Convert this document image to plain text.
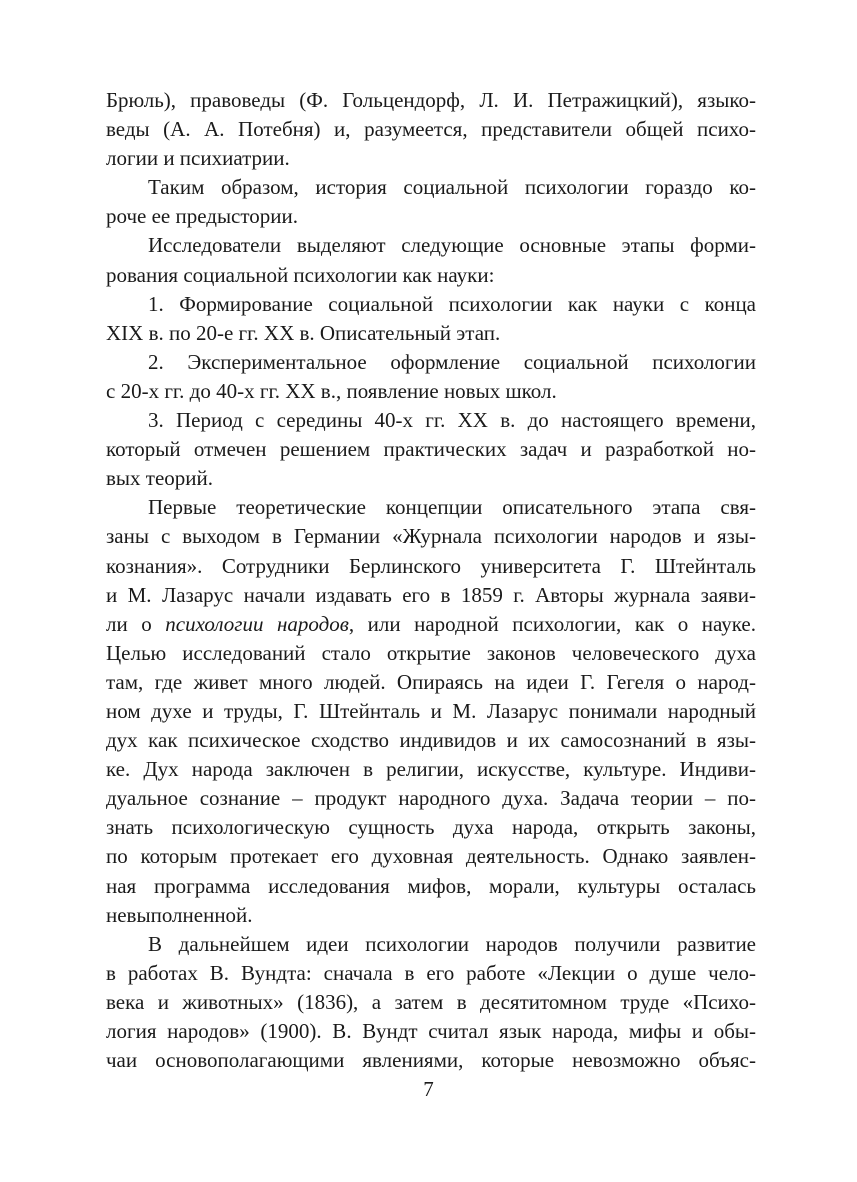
Брюль), правоведы (Ф. Гольцендорф, Л. И. Петражицкий), языко-
веды (А. А. Потебня) и, разумеется, представители общей психо-
логии и психиатрии.
Таким образом, история социальной психологии гораздо ко-
роче ее предыстории.
Исследователи выделяют следующие основные этапы форми-
рования социальной психологии как науки:
1. Формирование социальной психологии как науки с конца
XIX в. по 20-е гг. XX в. Описательный этап.
2. Экспериментальное оформление социальной психологии
с 20-х гг. до 40-х гг. XX в., появление новых школ.
3. Период с середины 40-х гг. XX в. до настоящего времени,
который отмечен решением практических задач и разработкой но-
вых теорий.
Первые теоретические концепции описательного этапа свя-
заны с выходом в Германии «Журнала психологии народов и язы-
кознания». Сотрудники Берлинского университета Г. Штейнталь
и М. Лазарус начали издавать его в 1859 г. Авторы журнала заяви-
ли о психологии народов, или народной психологии, как о науке.
Целью исследований стало открытие законов человеческого духа
там, где живет много людей. Опираясь на идеи Г. Гегеля о народ-
ном духе и труды, Г. Штейнталь и М. Лазарус понимали народный
дух как психическое сходство индивидов и их самосознаний в язы-
ке. Дух народа заключен в религии, искусстве, культуре. Индиви-
дуальное сознание – продукт народного духа. Задача теории – по-
знать психологическую сущность духа народа, открыть законы,
по которым протекает его духовная деятельность. Однако заявлен-
ная программа исследования мифов, морали, культуры осталась
невыполненной.
В дальнейшем идеи психологии народов получили развитие
в работах В. Вундта: сначала в его работе «Лекции о душе чело-
века и животных» (1836), а затем в десятитомном труде «Психо-
логия народов» (1900). В. Вундт считал язык народа, мифы и обы-
чаи основополагающими явлениями, которые невозможно объяс-
7
